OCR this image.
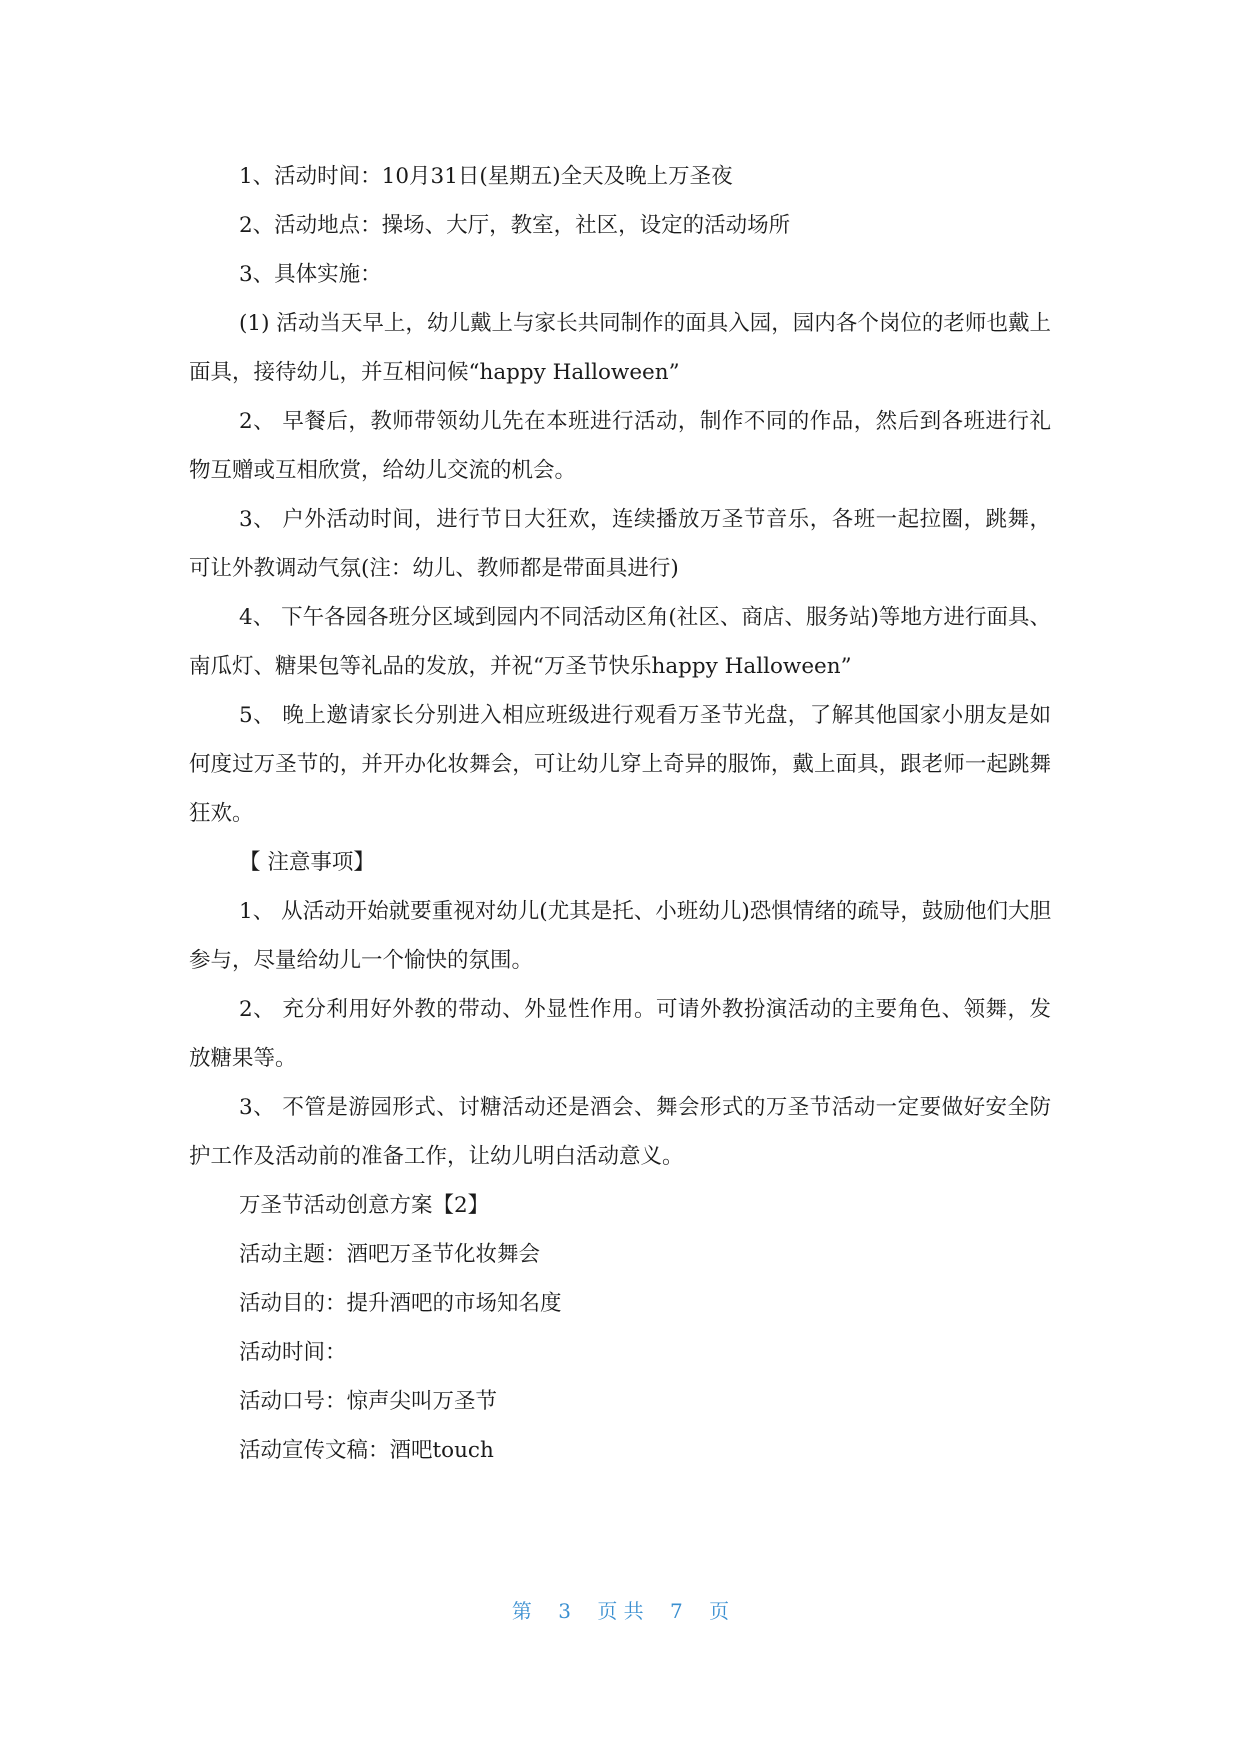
1、活动时间：10月31日(星期五)全天及晚上万圣夜

2、活动地点：操场、大厅，教室，社区，设定的活动场所

3、具体实施：

(1) 活动当天早上，幼儿戴上与家长共同制作的面具入园，园内各个岗位的老师也戴上面具，接待幼儿，并互相问候“happy Halloween”

2、 早餐后，教师带领幼儿先在本班进行活动，制作不同的作品，然后到各班进行礼物互赠或互相欣赏，给幼儿交流的机会。

3、 户外活动时间，进行节日大狂欢，连续播放万圣节音乐，各班一起拉圈，跳舞，可让外教调动气氛(注：幼儿、教师都是带面具进行)

4、 下午各园各班分区域到园内不同活动区角(社区、商店、服务站)等地方进行面具、南瓜灯、糖果包等礼品的发放，并祝“万圣节快乐happy Halloween”

5、 晚上邀请家长分别进入相应班级进行观看万圣节光盘，了解其他国家小朋友是如何度过万圣节的，并开办化妆舞会，可让幼儿穿上奇异的服饰，戴上面具，跟老师一起跳舞狂欢。

【 注意事项】

1、 从活动开始就要重视对幼儿(尤其是托、小班幼儿)恐惧情绪的疏导，鼓励他们大胆参与，尽量给幼儿一个愉快的氛围。

2、 充分利用好外教的带动、外显性作用。可请外教扮演活动的主要角色、领舞，发放糖果等。

3、 不管是游园形式、讨糖活动还是酒会、舞会形式的万圣节活动一定要做好安全防护工作及活动前的准备工作，让幼儿明白活动意义。

万圣节活动创意方案【2】

活动主题：酒吧万圣节化妆舞会

活动目的：提升酒吧的市场知名度

活动时间：

活动口号：惊声尖叫万圣节

活动宣传文稿：酒吧touch

第 3 页 共 7 页
